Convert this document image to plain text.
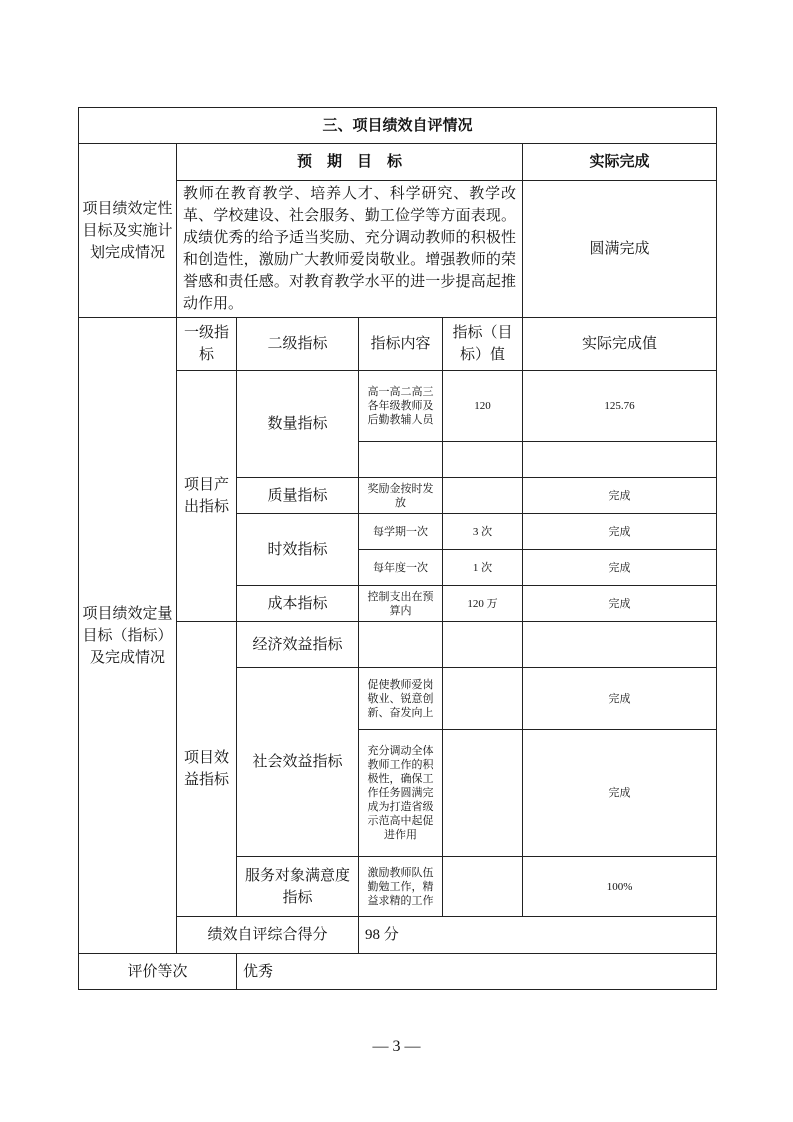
三、项目绩效自评情况					
项目绩效定性目标及实施计划完成情况	预　期　目　标				实际完成
	教师在教育教学、培养人才、科学研究、教学改革、学校建设、社会服务、勤工俭学等方面表现。成绩优秀的给予适当奖励、充分调动教师的积极性和创造性，激励广大教师爱岗敬业。增强教师的荣誉感和责任感。对教育教学水平的进一步提高起推动作用。				圆满完成
项目绩效定量目标（指标）及完成情况	一级指标	二级指标	指标内容	指标（目标）值	实际完成值
	项目产出指标	数量指标	高一高二高三各年级教师及后勤教辅人员	120	125.76

		质量指标	奖励金按时发放		完成
		时效指标	每学期一次	3 次	完成
			每年度一次	1 次	完成
		成本指标	控制支出在预算内	120 万	完成
	项目效益指标	经济效益指标			
		社会效益指标	促使教师爱岗敬业、锐意创新、奋发向上		完成
			充分调动全体教师工作的积极性，确保工作任务圆满完成为打造省级示范高中起促进作用		完成
		服务对象满意度指标	激励教师队伍勤勉工作，精益求精的工作		100%
	绩效自评综合得分		98 分		
评价等次		优秀			
— 3 —
